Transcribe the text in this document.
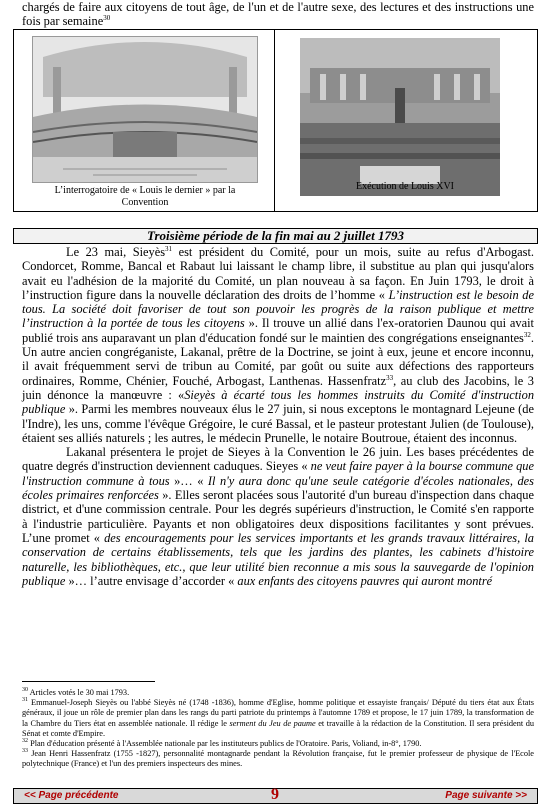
chargés de faire aux citoyens de tout âge, de l'un et de l'autre sexe, des lectures et des instructions une fois par semaine$^{30}$
L’interrogatoire de « Louis le dernier » par la Convention
Exécution de Louis XVI
Troisième période de la fin mai au 2 juillet 1793

Le 23 mai, Sieyès$^{31}$ est président du Comité, pour un mois, suite au refus d'Arbogast. Condorcet, Romme, Bancal et Rabaut lui laissant le champ libre, il substitue au plan qui jusqu'alors avait eu l'adhésion de la majorité du Comité, un plan nouveau à sa façon. En Juin 1793, le droit à l’instruction figure dans la nouvelle déclaration des droits de l’homme « L’instruction est le besoin de tous. La société doit favoriser de tout son pouvoir les progrès de la raison publique et mettre l’instruction à la portée de tous les citoyens ». Il trouve un allié dans l'ex-oratorien Daunou qui avait publié trois ans auparavant un plan d'éducation fondé sur le maintien des congrégations enseignantes$^{32}$. Un autre ancien congréganiste, Lakanal, prêtre de la Doctrine, se joint à eux, jeune et encore inconnu, il avait fréquemment servi de tribun au Comité, par goût ou suite aux défections des rapporteurs ordinaires, Romme, Chénier, Fouché, Arbogast, Lanthenas. Hassenfratz$^{33}$, au club des Jacobins, le 3 juin dénonce la manœuvre : «Sieyès à écarté tous les hommes instruits du Comité d'instruction publique ». Parmi les membres nouveaux élus le 27 juin, si nous exceptons le montagnard Lejeune (de l'Indre), les uns, comme l'évêque Grégoire, le curé Bassal, et le pasteur protestant Julien (de Toulouse), étaient ses alliés naturels ; les autres, le médecin Prunelle, le notaire Boutroue, étaient des inconnus.

Lakanal présentera le projet de Sieyes à la Convention le 26 juin. Les bases précédentes de quatre degrés d'instruction deviennent caduques. Sieyes « ne veut faire payer à la bourse commune que l'instruction commune à tous »… « Il n'y aura donc qu'une seule catégorie d'écoles nationales, des écoles primaires renforcées ». Elles seront placées sous l'autorité d'un bureau d'inspection dans chaque district, et d'une commission centrale. Pour les degrés supérieurs d'instruction, le Comité s'en rapporte à l'industrie particulière. Payants et non obligatoires deux dispositions facilitantes y sont prévues. L’une promet « des encouragements pour les services importants et les grands travaux littéraires, la conservation de certains établissements, tels que les jardins des plantes, les cabinets d'histoire naturelle, les bibliothèques, etc., que leur utilité bien reconnue a mis sous la sauvegarde de l'opinion publique »… l’autre envisage d’accorder « aux enfants des citoyens pauvres qui auront montré

$^{30}$ Articles votés le 30 mai 1793.

$^{31}$ Emmanuel-Joseph Sieyès ou l'abbé Sieyès né (1748 -1836), homme d'Eglise, homme politique et essayiste français/ Député du tiers état aux États généraux, il joue un rôle de premier plan dans les rangs du parti patriote du printemps à l'automne 1789 et propose, le 17 juin 1789, la transformation de la Chambre du Tiers état en assemblée nationale. Il rédige le serment du Jeu de paume et travaille à la rédaction de la Constitution. Il sera président du Sénat et comte d'Empire.

$^{32}$ Plan d'éducation présenté à l'Assemblée nationale par les instituteurs publics de l'Oratoire. Paris, Voliand, in-8°, 1790.

$^{33}$ Jean Henri Hassenfratz (1755 -1827), personnalité montagnarde pendant la Révolution française, fut le premier professeur de physique de l'Ecole polytechnique (France) et l'un des premiers inspecteurs des mines.

<< Page précédente	9	Page suivante >>
